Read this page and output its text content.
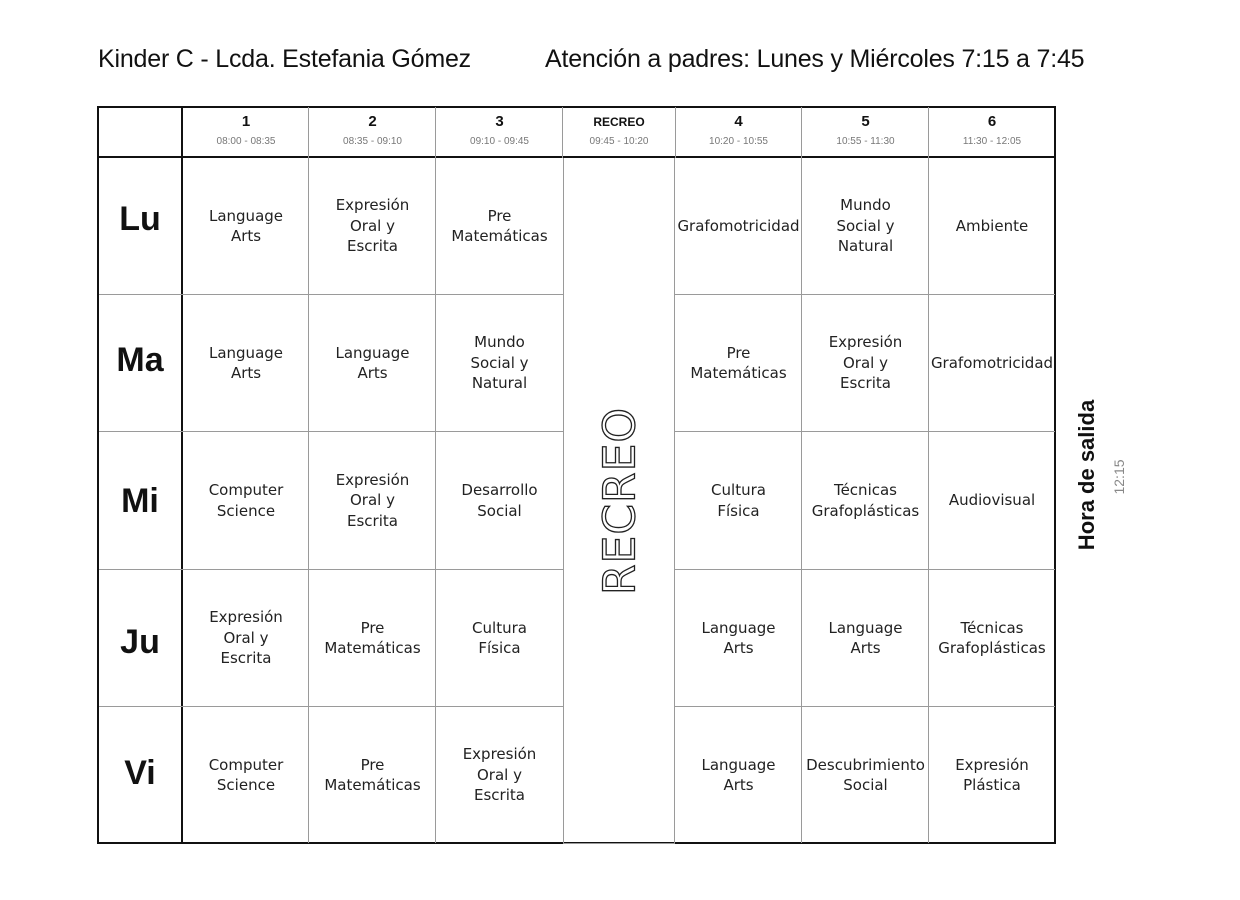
Kinder C - Lcda. Estefania Gómez	Atención a padres: Lunes y Miércoles 7:15 a 7:45
1
08:00 - 08:35
2
08:35 - 09:10
3
09:10 - 09:45
RECREO
09:45 - 10:20
4
10:20 - 10:55
5
10:55 - 11:30
6
11:30 - 12:05
RECREO
Lu
Ma
Mi
Ju
Vi
Language
Arts
Expresión
Oral y
Escrita
Pre
Matemáticas
Grafomotricidad
Mundo
Social y
Natural
Ambiente
Language
Arts
Language
Arts
Mundo
Social y
Natural
Pre
Matemáticas
Expresión
Oral y
Escrita
Grafomotricidad
Computer
Science
Expresión
Oral y
Escrita
Desarrollo
Social
Cultura
Física
Técnicas
Grafoplásticas
Audiovisual
Expresión
Oral y
Escrita
Pre
Matemáticas
Cultura
Física
Language
Arts
Language
Arts
Técnicas
Grafoplásticas
Computer
Science
Pre
Matemáticas
Expresión
Oral y
Escrita
Language
Arts
Descubrimiento
Social
Expresión
Plástica
Hora de salida 12:15
